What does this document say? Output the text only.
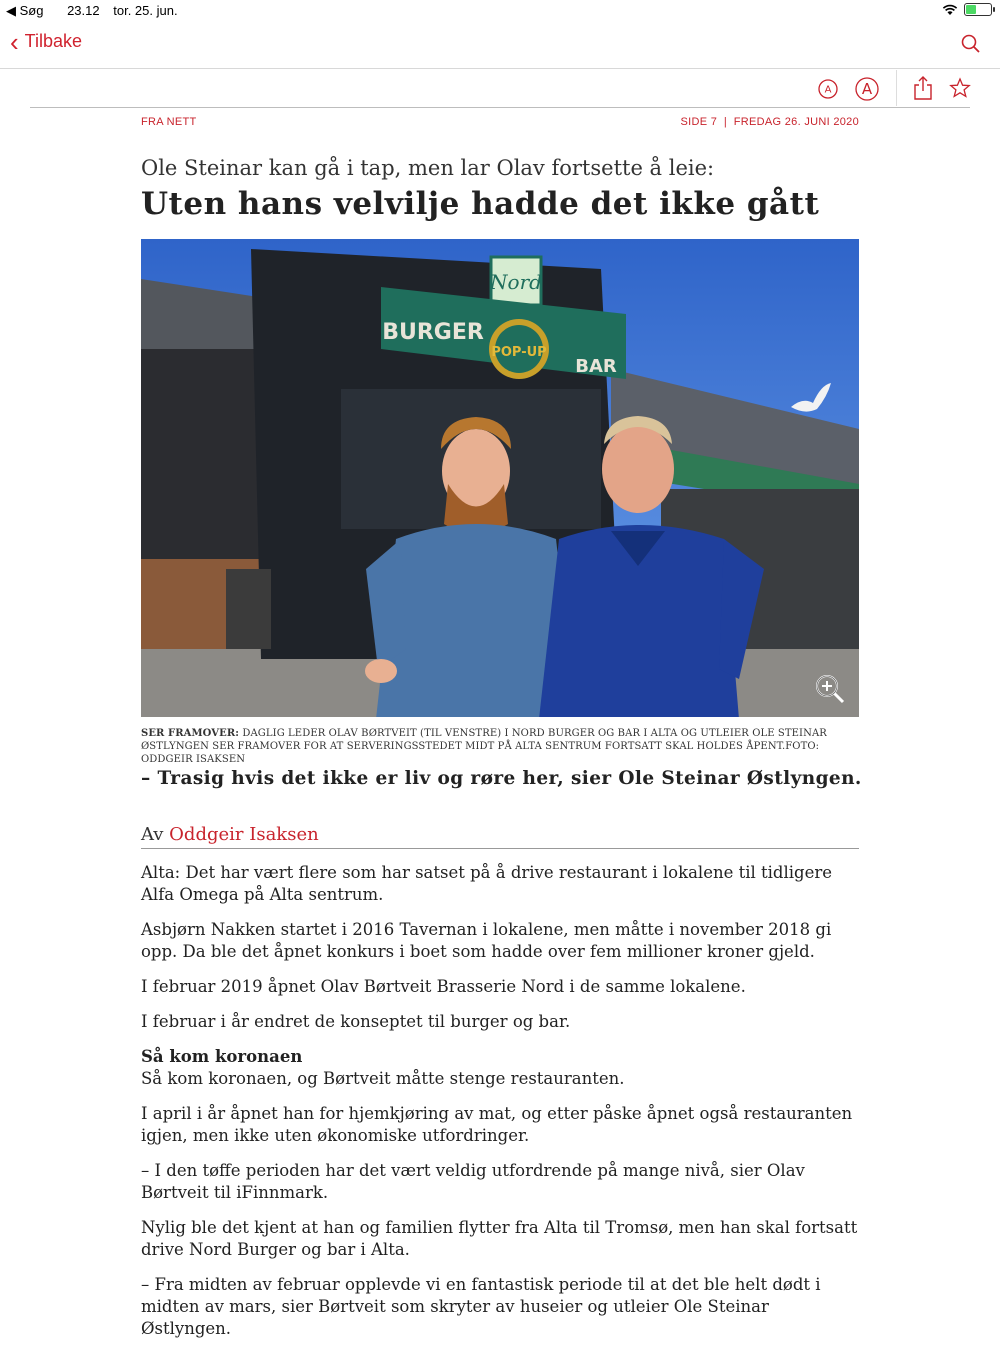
◀ Søg 23.12 tor. 25. jun.
‹ Tilbake
A A
FRA NETT	SIDE 7  |  FREDAG 26. JUNI 2020
Ole Steinar kan gå i tap, men lar Olav fortsette å leie:
Uten hans velvilje hadde det ikke gått
Nord
BURGER
POP-UP
BAR
SER FRAMOVER: DAGLIG LEDER OLAV BØRTVEIT (TIL VENSTRE) I NORD BURGER OG BAR I ALTA OG UTLEIER OLE STEINAR ØSTLYNGEN SER FRAMOVER FOR AT SERVERINGSSTEDET MIDT PÅ ALTA SENTRUM FORTSATT SKAL HOLDES ÅPENT.FOTO: ODDGEIR ISAKSEN
– Trasig hvis det ikke er liv og røre her, sier Ole Steinar Østlyngen.
Av Oddgeir Isaksen

Alta: Det har vært flere som har satset på å drive restaurant i lokalene til tidligere Alfa Omega på Alta sentrum.

Asbjørn Nakken startet i 2016 Tavernan i lokalene, men måtte i november 2018 gi opp. Da ble det åpnet konkurs i boet som hadde over fem millioner kroner gjeld.

I februar 2019 åpnet Olav Børtveit Brasserie Nord i de samme lokalene.

I februar i år endret de konseptet til burger og bar.

Så kom koronaen

Så kom koronaen, og Børtveit måtte stenge restauranten.

I april i år åpnet han for hjemkjøring av mat, og etter påske åpnet også restauranten igjen, men ikke uten økonomiske utfordringer.

– I den tøffe perioden har det vært veldig utfordrende på mange nivå, sier Olav Børtveit til iFinnmark.

Nylig ble det kjent at han og familien flytter fra Alta til Tromsø, men han skal fortsatt drive Nord Burger og bar i Alta.

– Fra midten av februar opplevde vi en fantastisk periode til at det ble helt dødt i midten av mars, sier Børtveit som skryter av huseier og utleier Ole Steinar Østlyngen.
